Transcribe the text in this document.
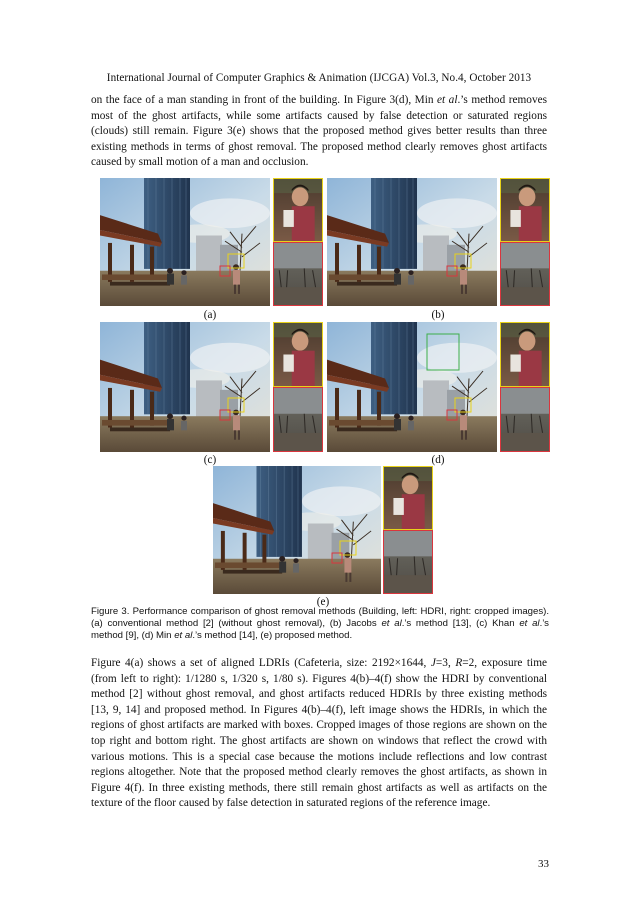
International Journal of Computer Graphics & Animation (IJCGA) Vol.3, No.4, October 2013

on the face of a man standing in front of the building. In Figure 3(d), Min et al.’s method removes most of the ghost artifacts, while some artifacts caused by false detection or saturated regions (clouds) still remain. Figure 3(e) shows that the proposed method gives better results than three existing methods in terms of ghost removal. The proposed method clearly removes ghost artifacts caused by small motion of a man and occlusion.

(a)	(b)
(c)	(d)
(e)

Figure 3. Performance comparison of ghost removal methods (Building, left: HDRI, right: cropped images). (a) conventional method [2] (without ghost removal), (b) Jacobs et al.’s method [13], (c) Khan et al.’s method [9], (d) Min et al.’s method [14], (e) proposed method.

Figure 4(a) shows a set of aligned LDRIs (Cafeteria, size: 2192×1644, J=3, R=2, exposure time (from left to right): 1/1280 s, 1/320 s, 1/80 s). Figures 4(b)–4(f) show the HDRI by conventional method [2] without ghost removal, and ghost artifacts reduced HDRIs by three existing methods [13, 9, 14] and proposed method. In Figures 4(b)–4(f), left image shows the HDRIs, in which the regions of ghost artifacts are marked with boxes. Cropped images of those regions are shown on the top right and bottom right. The ghost artifacts are shown on windows that reflect the crowd with various motions. This is a special case because the motions include reflections and low contrast regions altogether. Note that the proposed method clearly removes the ghost artifacts, as shown in Figure 4(f). In three existing methods, there still remain ghost artifacts as well as artifacts on the texture of the floor caused by false detection in saturated regions of the reference image.

33
